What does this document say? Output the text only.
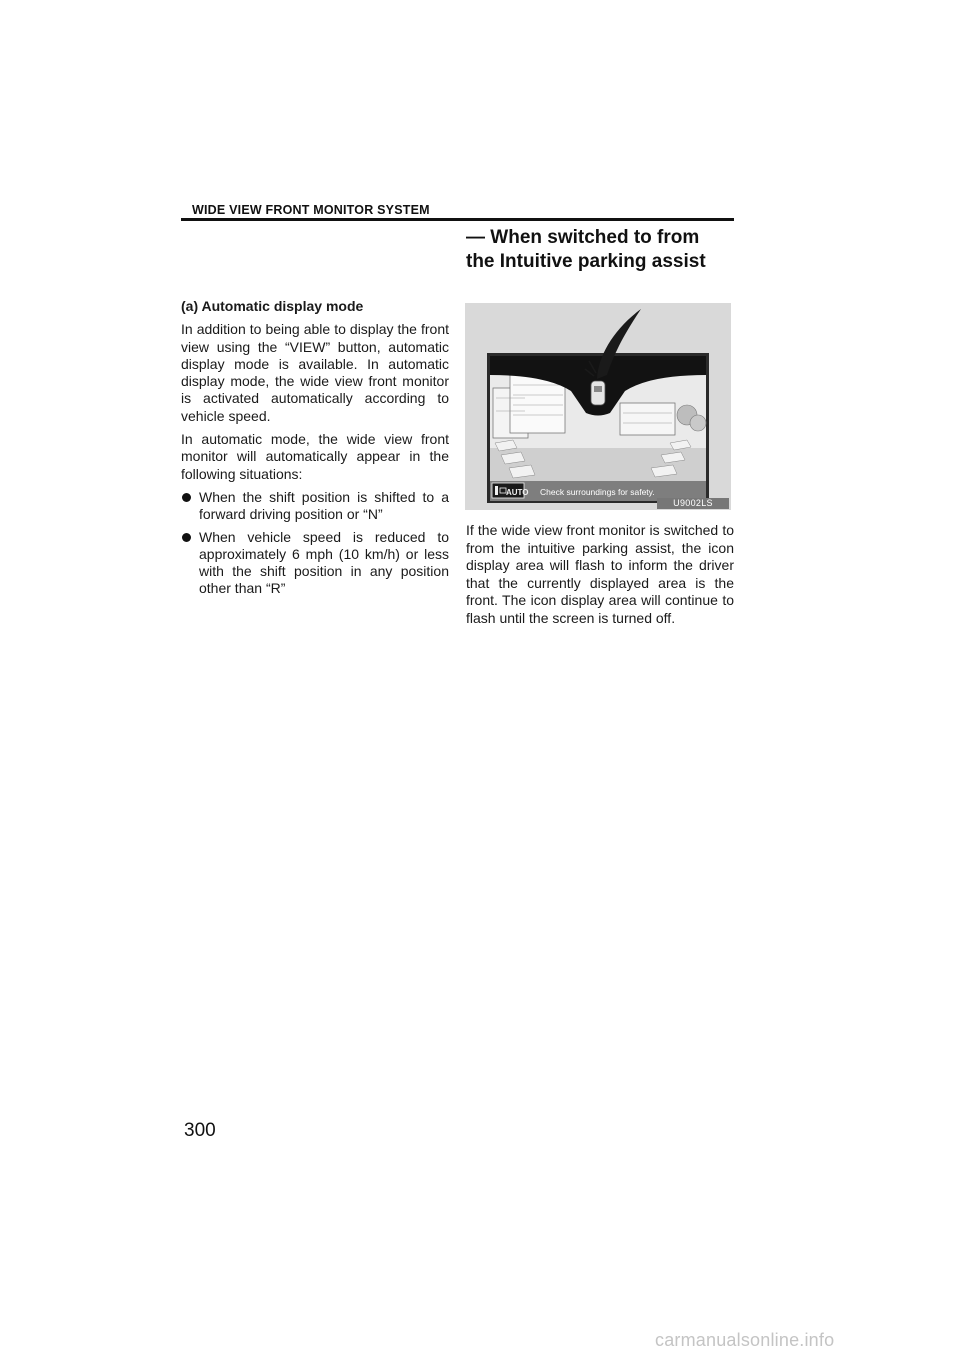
WIDE VIEW FRONT MONITOR SYSTEM
— When switched to from
the Intuitive parking assist

(a) Automatic display mode

In addition to being able to display the front view using the “VIEW” button, automatic display mode is available. In automatic display mode, the wide view front monitor is activated automatically according to vehicle speed.

In automatic mode, the wide view front monitor will automatically appear in the following situations:

When the shift position is shifted to a forward driving position or “N”
When vehicle speed is reduced to approximately 6 mph (10 km/h) or less with the shift position in any position other than “R”
AUTO Check surroundings for safety.
U9002LS
If the wide view front monitor is switched to from the intuitive parking assist, the icon display area will flash to inform the driver that the currently displayed area is the front. The icon display area will continue to flash until the screen is turned off.
300
carmanualsonline.info
